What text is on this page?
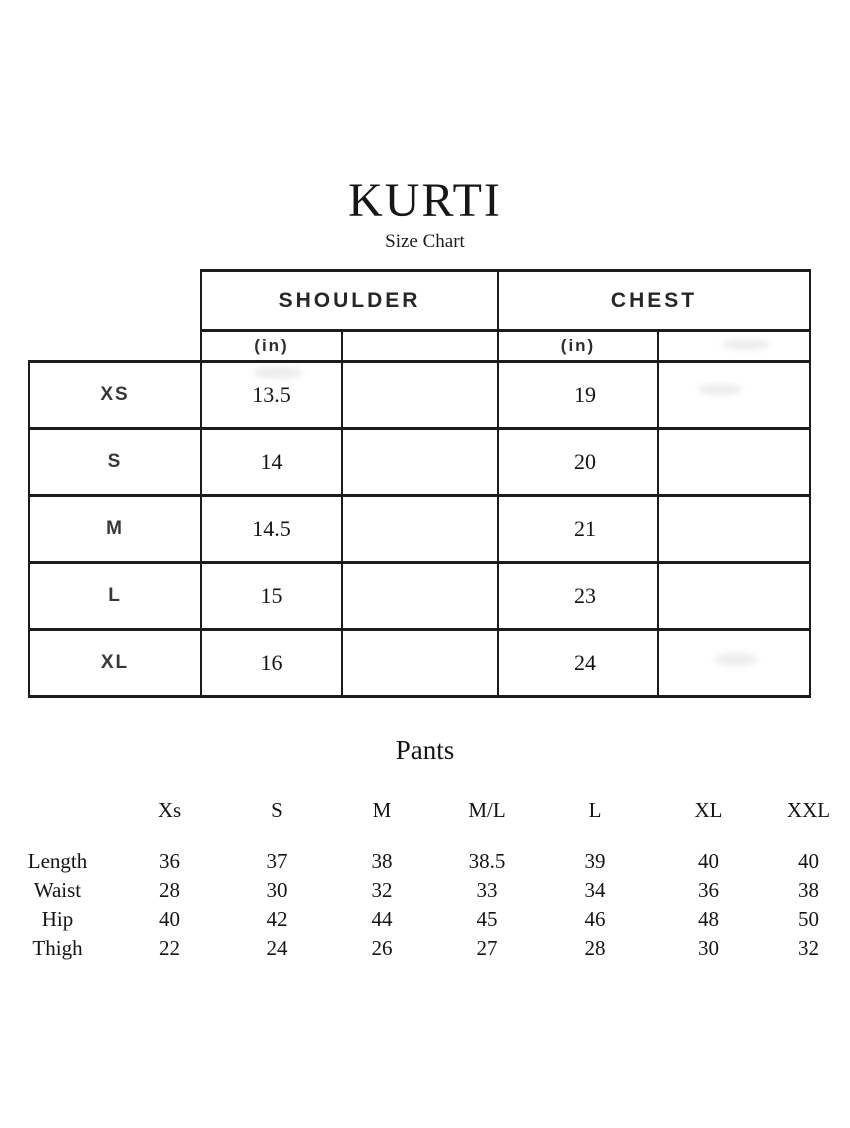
KURTI
Size Chart
	SHOULDER		CHEST	
	(in)		(in)	
XS	13.5		19	
S	14		20	
M	14.5		21	
L	15		23	
XL	16		24	
Pants
	Xs	S	M	M/L	L	XL	XXL

Length	36	37	38	38.5	39	40	40
Waist	28	30	32	33	34	36	38
Hip	40	42	44	45	46	48	50
Thigh	22	24	26	27	28	30	32
